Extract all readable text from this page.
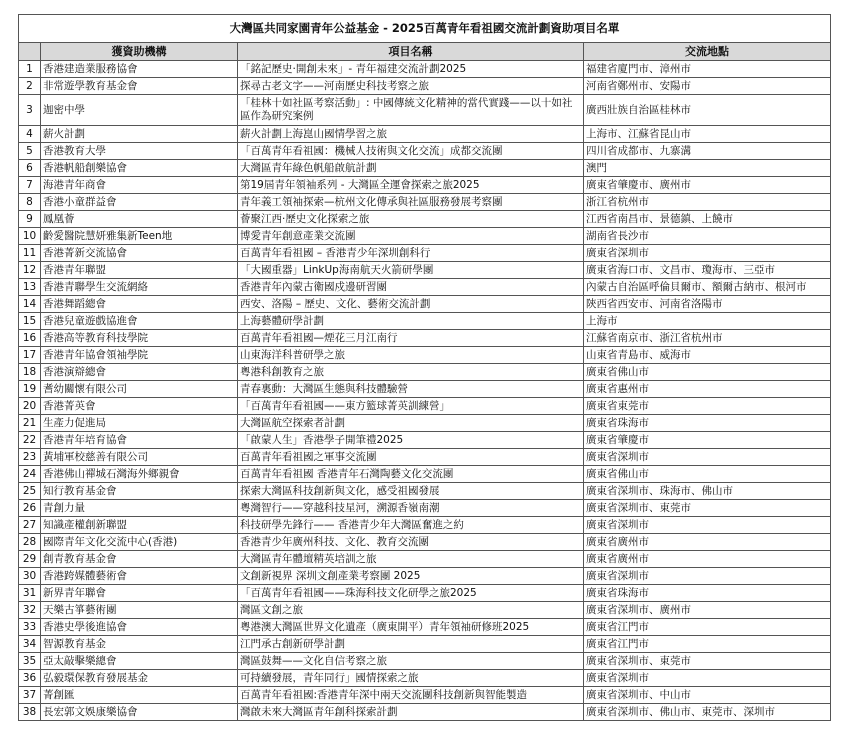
大灣區共同家園青年公益基金 - 2025百萬青年看祖國交流計劃資助項目名單			
	獲資助機構	項目名稱	交流地點
1	香港建造業服務協會	「銘記歷史‧開創未來」- 青年福建交流計劃2025	福建省廈門市、漳州市
2	非常遊學教育基金會	探尋古老文字——河南歷史科技考察之旅	河南省鄭州市、安陽市
3	迦密中學	「桂林十如社區考察活動」: 中國傳統文化精神的當代實踐——以十如社區作為研究案例	廣西壯族自治區桂林市
4	薪火計劃	薪火計劃上海崑山國情學習之旅	上海市、江蘇省昆山市
5	香港教育大學	「百萬青年看祖國：機械人技術與文化交流」成都交流團	四川省成都市、九寨溝
6	香港帆船創樂協會	大灣區青年綠色帆船啟航計劃	澳門
7	海港青年商會	第19屆青年領袖系列 - 大灣區全運會探索之旅2025	廣東省肇慶市、廣州市
8	香港小童群益會	青年義工領袖探索—杭州文化傳承與社區服務發展考察團	浙江省杭州市
9	鳳凰薈	薈聚江西·歷史文化探索之旅	江西省南昌市、景德鎮、上饒市
10	齡愛醫院慧妍雅集新Teen地	博愛青年創意產業交流團	湖南省長沙市
11	香港菁新交流協會	百萬青年看祖國 – 香港青少年深圳創科行	廣東省深圳市
12	香港青年聯盟	「大國重器」LinkUp海南航天火箭研學團	廣東省海口市、文昌市、瓊海市、三亞市
13	香港青聯學生交流網絡	香港青年內蒙古衛國戍邊研習團	內蒙古自治區呼倫貝爾市、額爾古納市、根河市
14	香港舞蹈總會	西安、洛陽 – 歷史、文化、藝術交流計劃	陝西省西安市、河南省洛陽市
15	香港兒童遊戲協進會	上海藝體研學計劃	上海市
16	香港高等教育科技學院	百萬青年看祖國—煙花三月江南行	江蘇省南京市、浙江省杭州市
17	香港青年協會領袖學院	山東海洋科普研學之旅	山東省青島市、威海市
18	香港演辯總會	粵港科創教育之旅	廣東省佛山市
19	耆幼關懷有限公司	青春裏動：大灣區生態與科技體驗營	廣東省惠州市
20	香港菁英會	「百萬青年看祖國——東方籃球菁英訓練營」	廣東省東莞市
21	生產力促進局	大灣區航空探索者計劃	廣東省珠海市
22	香港青年培育協會	「啟蒙人生」香港學子開筆禮2025	廣東省肇慶市
23	黃埔軍校慈善有限公司	百萬青年看祖國之軍事交流團	廣東省深圳市
24	香港佛山禪城石灣海外鄉親會	百萬青年看祖國 香港青年石灣陶藝文化交流團	廣東省佛山市
25	知行教育基金會	探索大灣區科技創新與文化，感受祖國發展	廣東省深圳市、珠海市、佛山市
26	青創力量	粵灣智行——穿越科技星河，溯源香嶺南潮	廣東省深圳市、東莞市
27	知識產權創新聯盟	科技研學先鋒行—— 香港青少年大灣區奮進之約	廣東省深圳市
28	國際青年文化交流中心(香港)	香港青少年廣州科技、文化、教育交流團	廣東省廣州市
29	創青教育基金會	大灣區青年體壇精英培訓之旅	廣東省廣州市
30	香港跨媒體藝術會	文創新視界 深圳文創產業考察團 2025	廣東省深圳市
31	新界青年聯會	「百萬青年看祖國——珠海科技文化研學之旅2025	廣東省珠海市
32	天樂古箏藝術團	灣區文創之旅	廣東省深圳市、廣州市
33	香港史學後進協會	粵港澳大灣區世界文化遺產（廣東開平）青年領袖研修班2025	廣東省江門市
34	智源教育基金	江門承古創新研學計劃	廣東省江門市
35	亞太敲擊樂總會	灣區鼓舞——文化自信考察之旅	廣東省深圳市、東莞市
36	弘毅環保教育發展基金	可持續發展，青年同行」國情探索之旅	廣東省深圳市
37	菁創匯	百萬青年看祖國:香港青年深中兩天交流團科技創新與智能製造	廣東省深圳市、中山市
38	長宏郭文娛康樂協會	灣啟未來大灣區青年創科探索計劃	廣東省深圳市、佛山市、東莞市、深圳市
